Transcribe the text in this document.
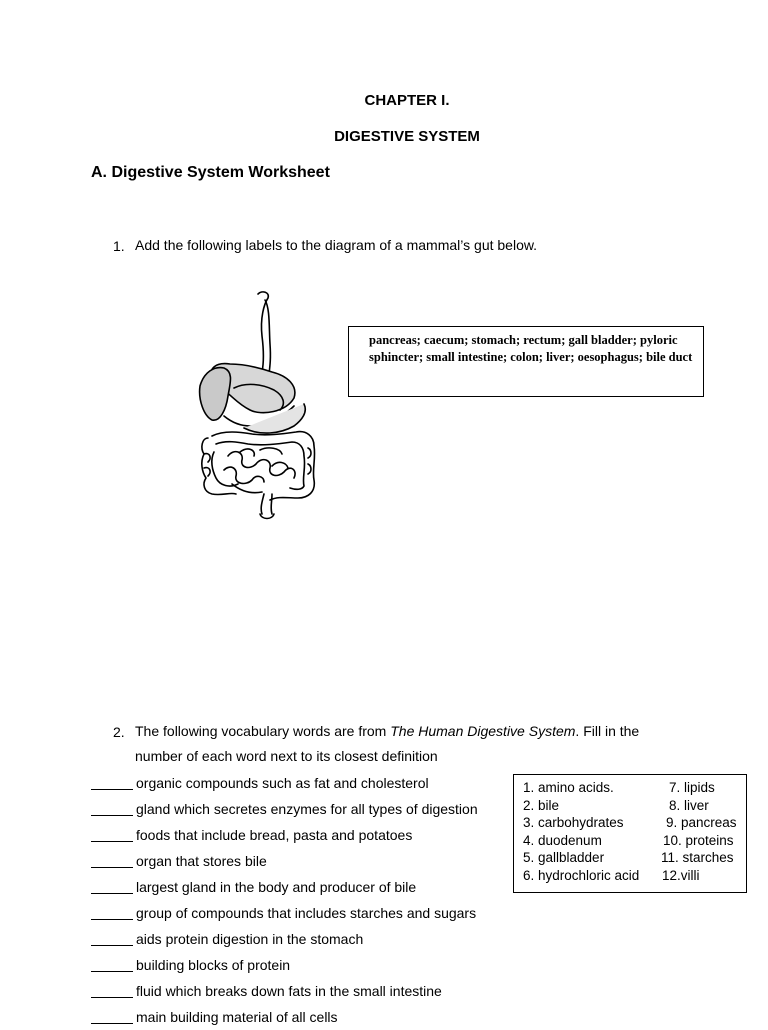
CHAPTER I.
DIGESTIVE SYSTEM
A. Digestive System Worksheet
1. Add the following labels to the diagram of a mammal’s gut below.
pancreas; caecum; stomach; rectum; gall bladder; pyloric sphincter; small intestine; colon; liver; oesophagus; bile duct
2. The following vocabulary words are from The Human Digestive System. Fill in the
number of each word next to its closest definition
1. amino acids.	7. lipids
2. bile	8. liver
3. carbohydrates	9. pancreas
4. duodenum	10. proteins
5. gallbladder	11. starches
6. hydrochloric acid 12.villi
organic compounds such as fat and cholesterol
gland which secretes enzymes for all types of digestion
foods that include bread, pasta and potatoes
organ that stores bile
largest gland in the body and producer of bile
group of compounds that includes starches and sugars
aids protein digestion in the stomach
building blocks of protein
fluid which breaks down fats in the small intestine
main building material of all cells
